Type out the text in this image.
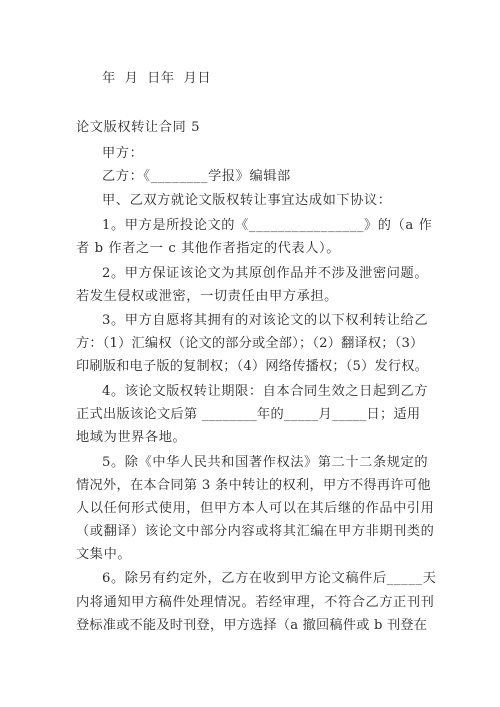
年 月 日年 月日
论文版权转让合同 5
甲方：
乙方：《________学报》编辑部
甲、乙双方就论文版权转让事宜达成如下协议：
1。甲方是所投论文的《________________》的（a 作
者 b 作者之一 c 其他作者指定的代表人）。
2。甲方保证该论文为其原创作品并不涉及泄密问题。
若发生侵权或泄密，一切责任由甲方承担。
3。甲方自愿将其拥有的对该论文的以下权利转让给乙
方：（1）汇编权（论文的部分或全部）；（2）翻译权；（3）
印刷版和电子版的复制权；（4）网络传播权；（5）发行权。
4。该论文版权转让期限：自本合同生效之日起到乙方
正式出版该论文后第 ________年的_____月_____日；适用
地域为世界各地。
5。除《中华人民共和国著作权法》第二十二条规定的
情况外，在本合同第 3 条中转让的权利，甲方不得再许可他
人以任何形式使用，但甲方本人可以在其后继的作品中引用
（或翻译）该论文中部分内容或将其汇编在甲方非期刊类的
文集中。
6。除另有约定外，乙方在收到甲方论文稿件后_____天
内将通知甲方稿件处理情况。若经审理，不符合乙方正刊刊
登标准或不能及时刊登，甲方选择（a 撤回稿件或 b 刊登在
